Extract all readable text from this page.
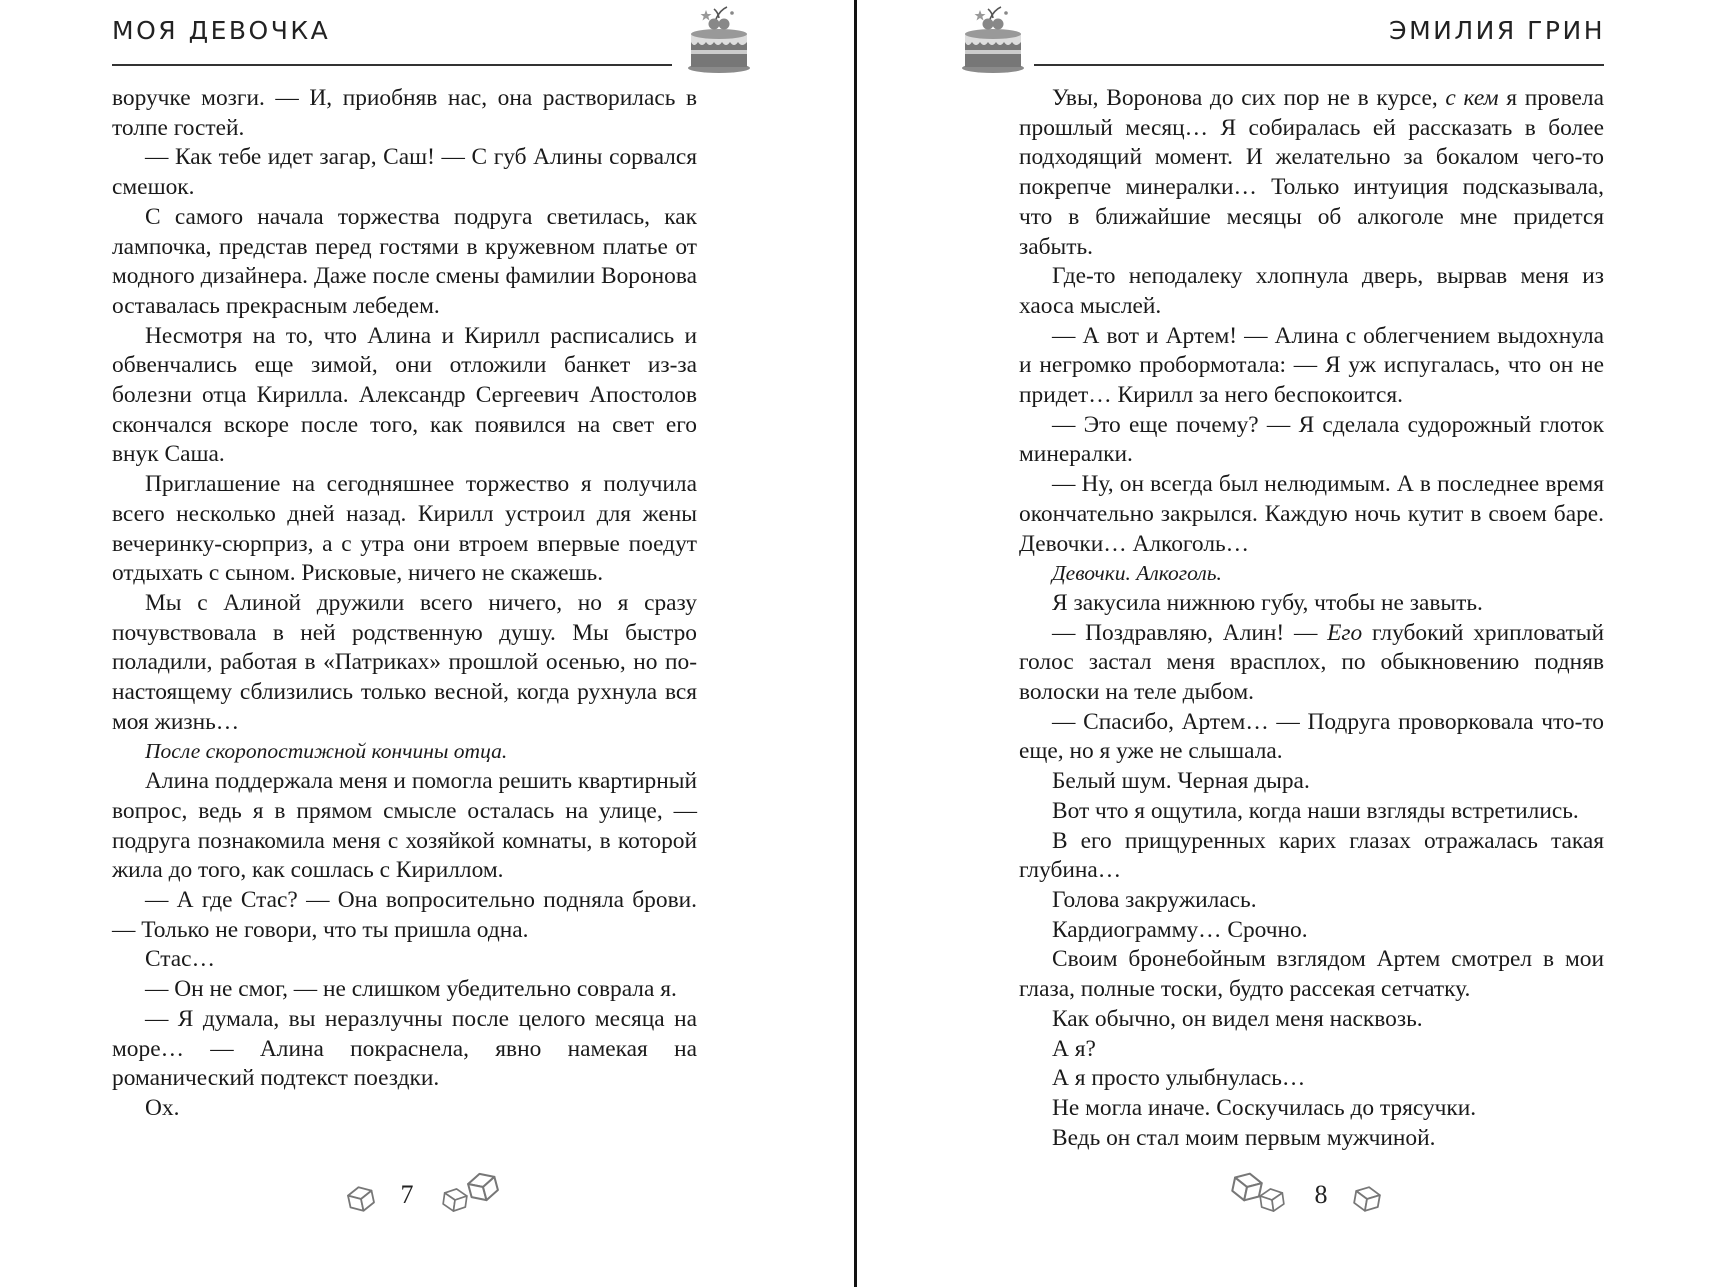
МОЯ ДЕВОЧКА

воручке мозги. — И, приобняв нас, она растворилась в толпе гостей.

— Как тебе идет загар, Саш! — С губ Алины сорвался смешок.

С самого начала торжества подруга светилась, как лампочка, представ перед гостями в кружевном платье от модного дизайнера. Даже после смены фамилии Воронова оставалась прекрасным лебедем.

Несмотря на то, что Алина и Кирилл расписались и обвенчались еще зимой, они отложили банкет из-за болезни отца Кирилла. Александр Сергеевич Апостолов скончался вскоре после того, как появился на свет его внук Саша.

Приглашение на сегодняшнее торжество я получила всего несколько дней назад. Кирилл устроил для жены вечеринку-сюрприз, а с утра они втроем впервые поедут отдыхать с сыном. Рисковые, ничего не скажешь.

Мы с Алиной дружили всего ничего, но я сразу почувствовала в ней родственную душу. Мы быстро поладили, работая в «Патриках» прошлой осенью, но по-настоящему сблизились только весной, когда рухнула вся моя жизнь…

После скоропостижной кончины отца.

Алина поддержала меня и помогла решить квартирный вопрос, ведь я в прямом смысле осталась на улице, — подруга познакомила меня с хозяйкой комнаты, в которой жила до того, как сошлась с Кириллом.

— А где Стас? — Она вопросительно подняла брови. — Только не говори, что ты пришла одна.

Стас…

— Он не смог, — не слишком убедительно соврала я.

— Я думала, вы неразлучны после целого месяца на море… — Алина покраснела, явно намекая на романический подтекст поездки.

Ох.

7
ЭМИЛИЯ ГРИН

Увы, Воронова до сих пор не в курсе, с кем я провела прошлый месяц… Я собиралась ей рассказать в более подходящий момент. И желательно за бокалом чего-то покрепче минералки… Только интуиция подсказывала, что в ближайшие месяцы об алкоголе мне придется забыть.

Где-то неподалеку хлопнула дверь, вырвав меня из хаоса мыслей.

— А вот и Артем! — Алина с облегчением выдохнула и негромко пробормотала: — Я уж испугалась, что он не придет… Кирилл за него беспокоится.

— Это еще почему? — Я сделала судорожный глоток минералки.

— Ну, он всегда был нелюдимым. А в последнее время окончательно закрылся. Каждую ночь кутит в своем баре. Девочки… Алкоголь…

Девочки. Алкоголь.

Я закусила нижнюю губу, чтобы не завыть.

— Поздравляю, Алин! — Его глубокий хрипловатый голос застал меня врасплох, по обыкновению подняв волоски на теле дыбом.

— Спасибо, Артем… — Подруга проворковала что-то еще, но я уже не слышала.

Белый шум. Черная дыра.

Вот что я ощутила, когда наши взгляды встретились.

В его прищуренных карих глазах отражалась такая глубина…

Голова закружилась.

Кардиограмму… Срочно.

Своим бронебойным взглядом Артем смотрел в мои глаза, полные тоски, будто рассекая сетчатку.

Как обычно, он видел меня насквозь.

А я?

А я просто улыбнулась…

Не могла иначе. Соскучилась до трясучки.

Ведь он стал моим первым мужчиной.

8
